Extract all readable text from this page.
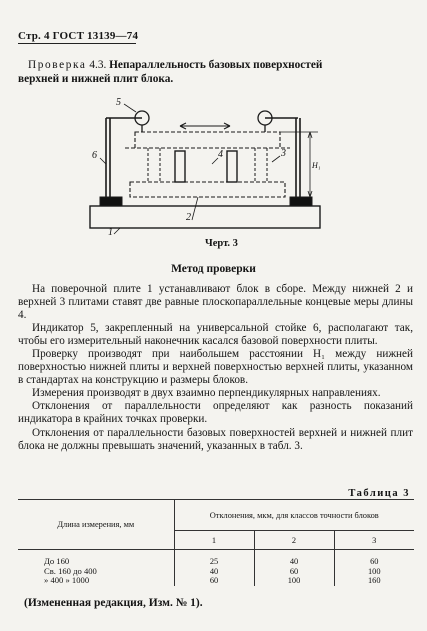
Стр. 4 ГОСТ 13139—74
Проверка 4.3. Непараллельность базовых поверхностей
верхней и нижней плит блока.
5
6	4	3
2
1
H₁
Черт. 3
Метод проверки

На поверочной плите 1 устанавливают блок в сборе. Между нижней 2 и верхней 3 плитами ставят две равные плоскопараллельные концевые меры длины 4.

Индикатор 5, закрепленный на универсальной стойке 6, располагают так, чтобы его измерительный наконечник касался базовой поверхности плиты.

Проверку производят при наибольшем расстоянии H₁ между нижней поверхностью нижней плиты и верхней поверхностью верхней плиты, указанном в стандартах на конструкцию и размеры блоков.

Измерения производят в двух взаимно перпендикулярных направлениях.

Отклонения от параллельности определяют как разность показаний индикатора в крайних точках проверки.

Отклонения от параллельности базовых поверхностей верхней и нижней плит блока не должны превышать значений, указанных в табл. 3.

Таблица 3
Длина измерения, мм	Отклонения, мкм, для классов точности блоков		
	1	2	3

До 160	25	40	60
Св. 160 до 400	40	60	100
» 400 » 1000	60	100	160
(Измененная редакция, Изм. № 1).
